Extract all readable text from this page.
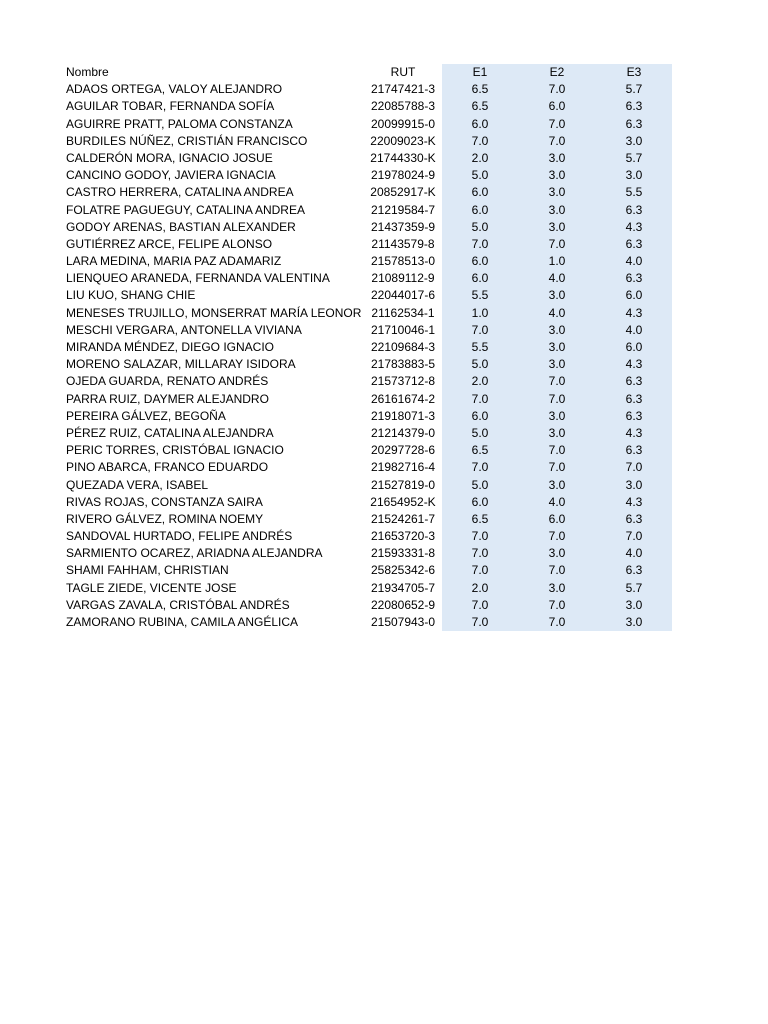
Nombre	RUT	E1	E2	E3
ADAOS ORTEGA, VALOY ALEJANDRO	21747421-3	6.5	7.0	5.7
AGUILAR TOBAR, FERNANDA SOFÍA	22085788-3	6.5	6.0	6.3
AGUIRRE PRATT, PALOMA CONSTANZA	20099915-0	6.0	7.0	6.3
BURDILES NÚÑEZ, CRISTIÁN FRANCISCO	22009023-K	7.0	7.0	3.0
CALDERÓN MORA, IGNACIO JOSUE	21744330-K	2.0	3.0	5.7
CANCINO GODOY, JAVIERA IGNACIA	21978024-9	5.0	3.0	3.0
CASTRO HERRERA, CATALINA ANDREA	20852917-K	6.0	3.0	5.5
FOLATRE PAGUEGUY, CATALINA ANDREA	21219584-7	6.0	3.0	6.3
GODOY ARENAS, BASTIAN ALEXANDER	21437359-9	5.0	3.0	4.3
GUTIÉRREZ ARCE, FELIPE ALONSO	21143579-8	7.0	7.0	6.3
LARA MEDINA, MARIA PAZ ADAMARIZ	21578513-0	6.0	1.0	4.0
LIENQUEO ARANEDA, FERNANDA VALENTINA	21089112-9	6.0	4.0	6.3
LIU KUO, SHANG CHIE	22044017-6	5.5	3.0	6.0
MENESES TRUJILLO, MONSERRAT MARÍA LEONOR 21162534-1	1.0	4.0	4.3
MESCHI VERGARA, ANTONELLA VIVIANA	21710046-1	7.0	3.0	4.0
MIRANDA MÉNDEZ, DIEGO IGNACIO	22109684-3	5.5	3.0	6.0
MORENO SALAZAR, MILLARAY ISIDORA	21783883-5	5.0	3.0	4.3
OJEDA GUARDA, RENATO ANDRÉS	21573712-8	2.0	7.0	6.3
PARRA RUIZ, DAYMER ALEJANDRO	26161674-2	7.0	7.0	6.3
PEREIRA GÁLVEZ, BEGOÑA	21918071-3	6.0	3.0	6.3
PÉREZ RUIZ, CATALINA ALEJANDRA	21214379-0	5.0	3.0	4.3
PERIC TORRES, CRISTÓBAL IGNACIO	20297728-6	6.5	7.0	6.3
PINO ABARCA, FRANCO EDUARDO	21982716-4	7.0	7.0	7.0
QUEZADA VERA, ISABEL	21527819-0	5.0	3.0	3.0
RIVAS ROJAS, CONSTANZA SAIRA	21654952-K	6.0	4.0	4.3
RIVERO GÁLVEZ, ROMINA NOEMY	21524261-7	6.5	6.0	6.3
SANDOVAL HURTADO, FELIPE ANDRÉS	21653720-3	7.0	7.0	7.0
SARMIENTO OCAREZ, ARIADNA ALEJANDRA	21593331-8	7.0	3.0	4.0
SHAMI FAHHAM, CHRISTIAN	25825342-6	7.0	7.0	6.3
TAGLE ZIEDE, VICENTE JOSE	21934705-7	2.0	3.0	5.7
VARGAS ZAVALA, CRISTÓBAL ANDRÉS	22080652-9	7.0	7.0	3.0
ZAMORANO RUBINA, CAMILA ANGÉLICA	21507943-0	7.0	7.0	3.0
